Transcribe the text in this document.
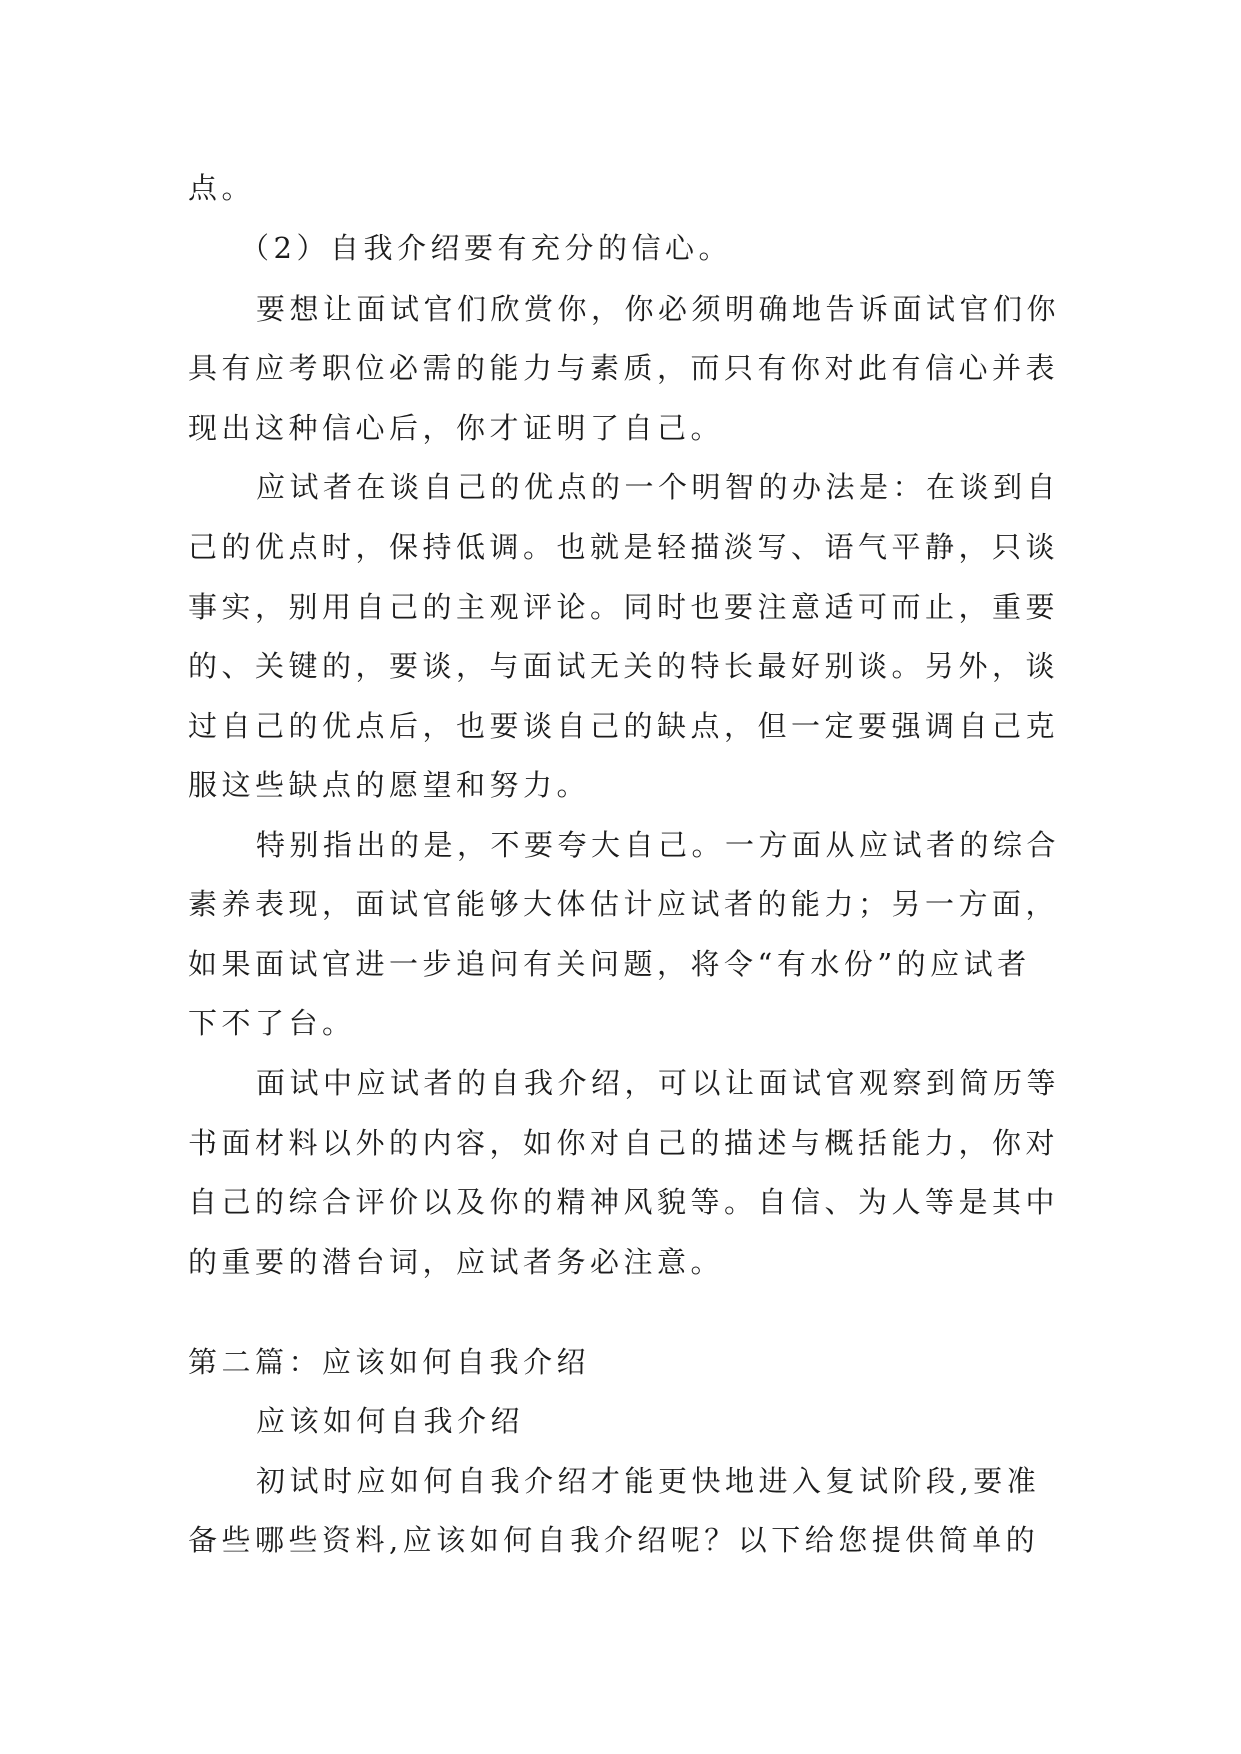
点。
（2）自我介绍要有充分的信心。
要想让面试官们欣赏你，你必须明确地告诉面试官们你
具有应考职位必需的能力与素质，而只有你对此有信心并表
现出这种信心后，你才证明了自己。
应试者在谈自己的优点的一个明智的办法是：在谈到自
己的优点时，保持低调。也就是轻描淡写、语气平静，只谈
事实，别用自己的主观评论。同时也要注意适可而止，重要
的、关键的，要谈，与面试无关的特长最好别谈。另外，谈
过自己的优点后，也要谈自己的缺点，但一定要强调自己克
服这些缺点的愿望和努力。
特别指出的是，不要夸大自己。一方面从应试者的综合
素养表现，面试官能够大体估计应试者的能力；另一方面，
如果面试官进一步追问有关问题，将令“有水份”的应试者
下不了台。
面试中应试者的自我介绍，可以让面试官观察到简历等
书面材料以外的内容，如你对自己的描述与概括能力，你对
自己的综合评价以及你的精神风貌等。自信、为人等是其中
的重要的潜台词，应试者务必注意。
第二篇：应该如何自我介绍
应该如何自我介绍
初试时应如何自我介绍才能更快地进入复试阶段,要准
备些哪些资料,应该如何自我介绍呢？以下给您提供简单的
